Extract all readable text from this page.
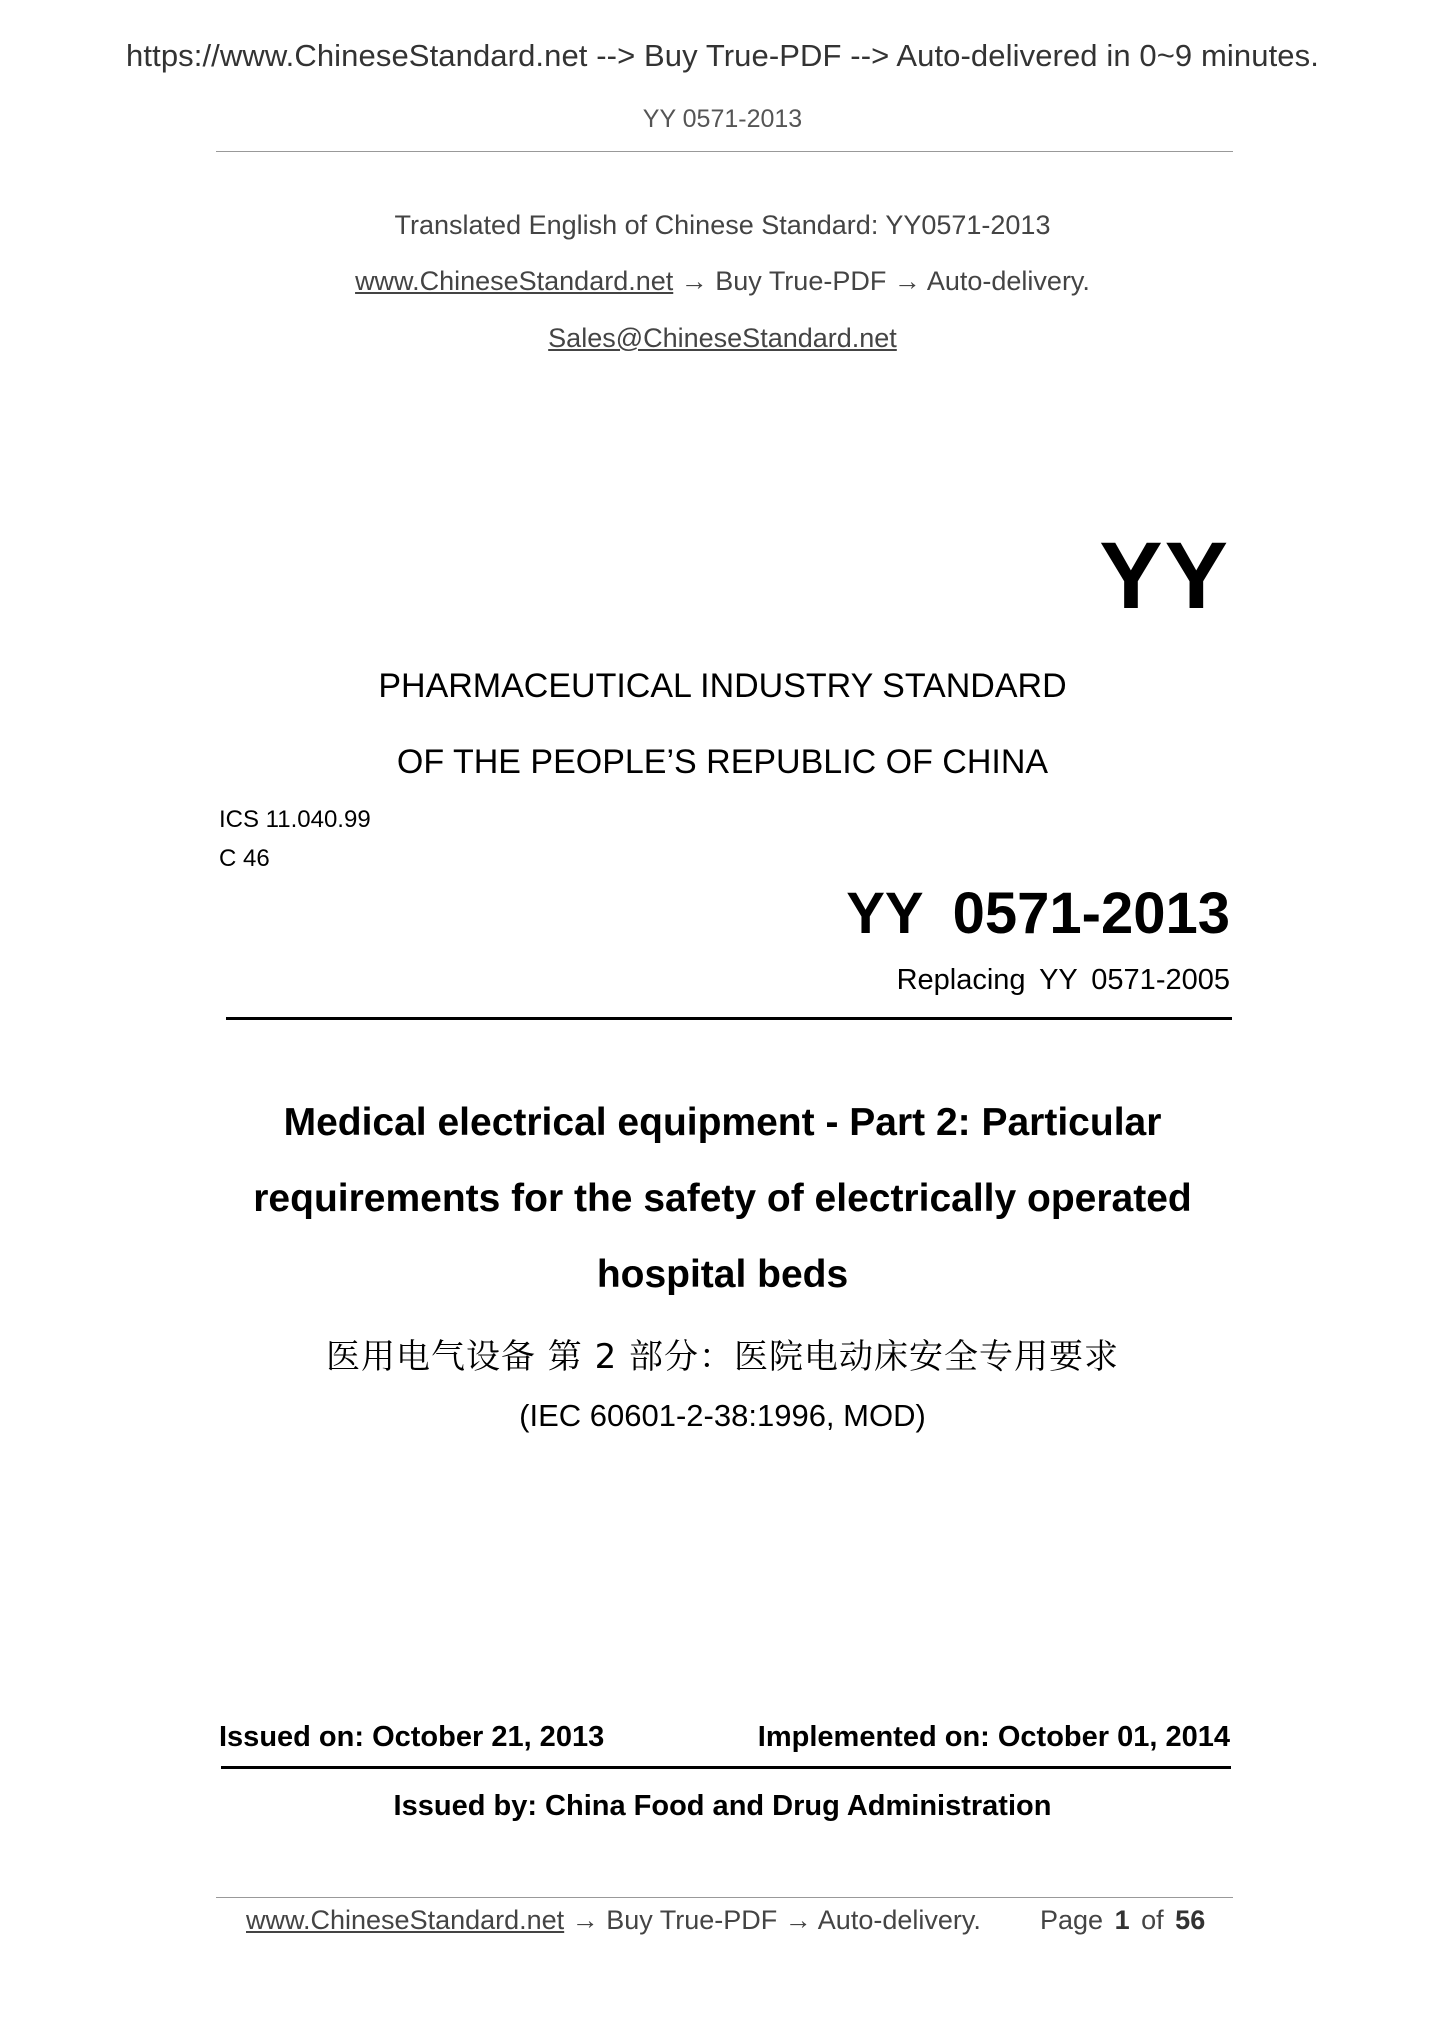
https://www.ChineseStandard.net --> Buy True-PDF --> Auto-delivered in 0~9 minutes.
YY 0571-2013
Translated English of Chinese Standard: YY0571-2013
www.ChineseStandard.net → Buy True-PDF → Auto-delivery.
Sales@ChineseStandard.net
YY
PHARMACEUTICAL INDUSTRY STANDARD
OF THE PEOPLE’S REPUBLIC OF CHINA
ICS 11.040.99
C 46
YY 0571-2013
Replacing YY 0571-2005
Medical electrical equipment - Part 2: Particular
requirements for the safety of electrically operated
hospital beds
医用电气设备 第 2 部分：医院电动床安全专用要求
(IEC 60601-2-38:1996, MOD)
Issued on: October 21, 2013	Implemented on: October 01, 2014
Issued by: China Food and Drug Administration
www.ChineseStandard.net → Buy True-PDF → Auto-delivery. Page 1 of 56
